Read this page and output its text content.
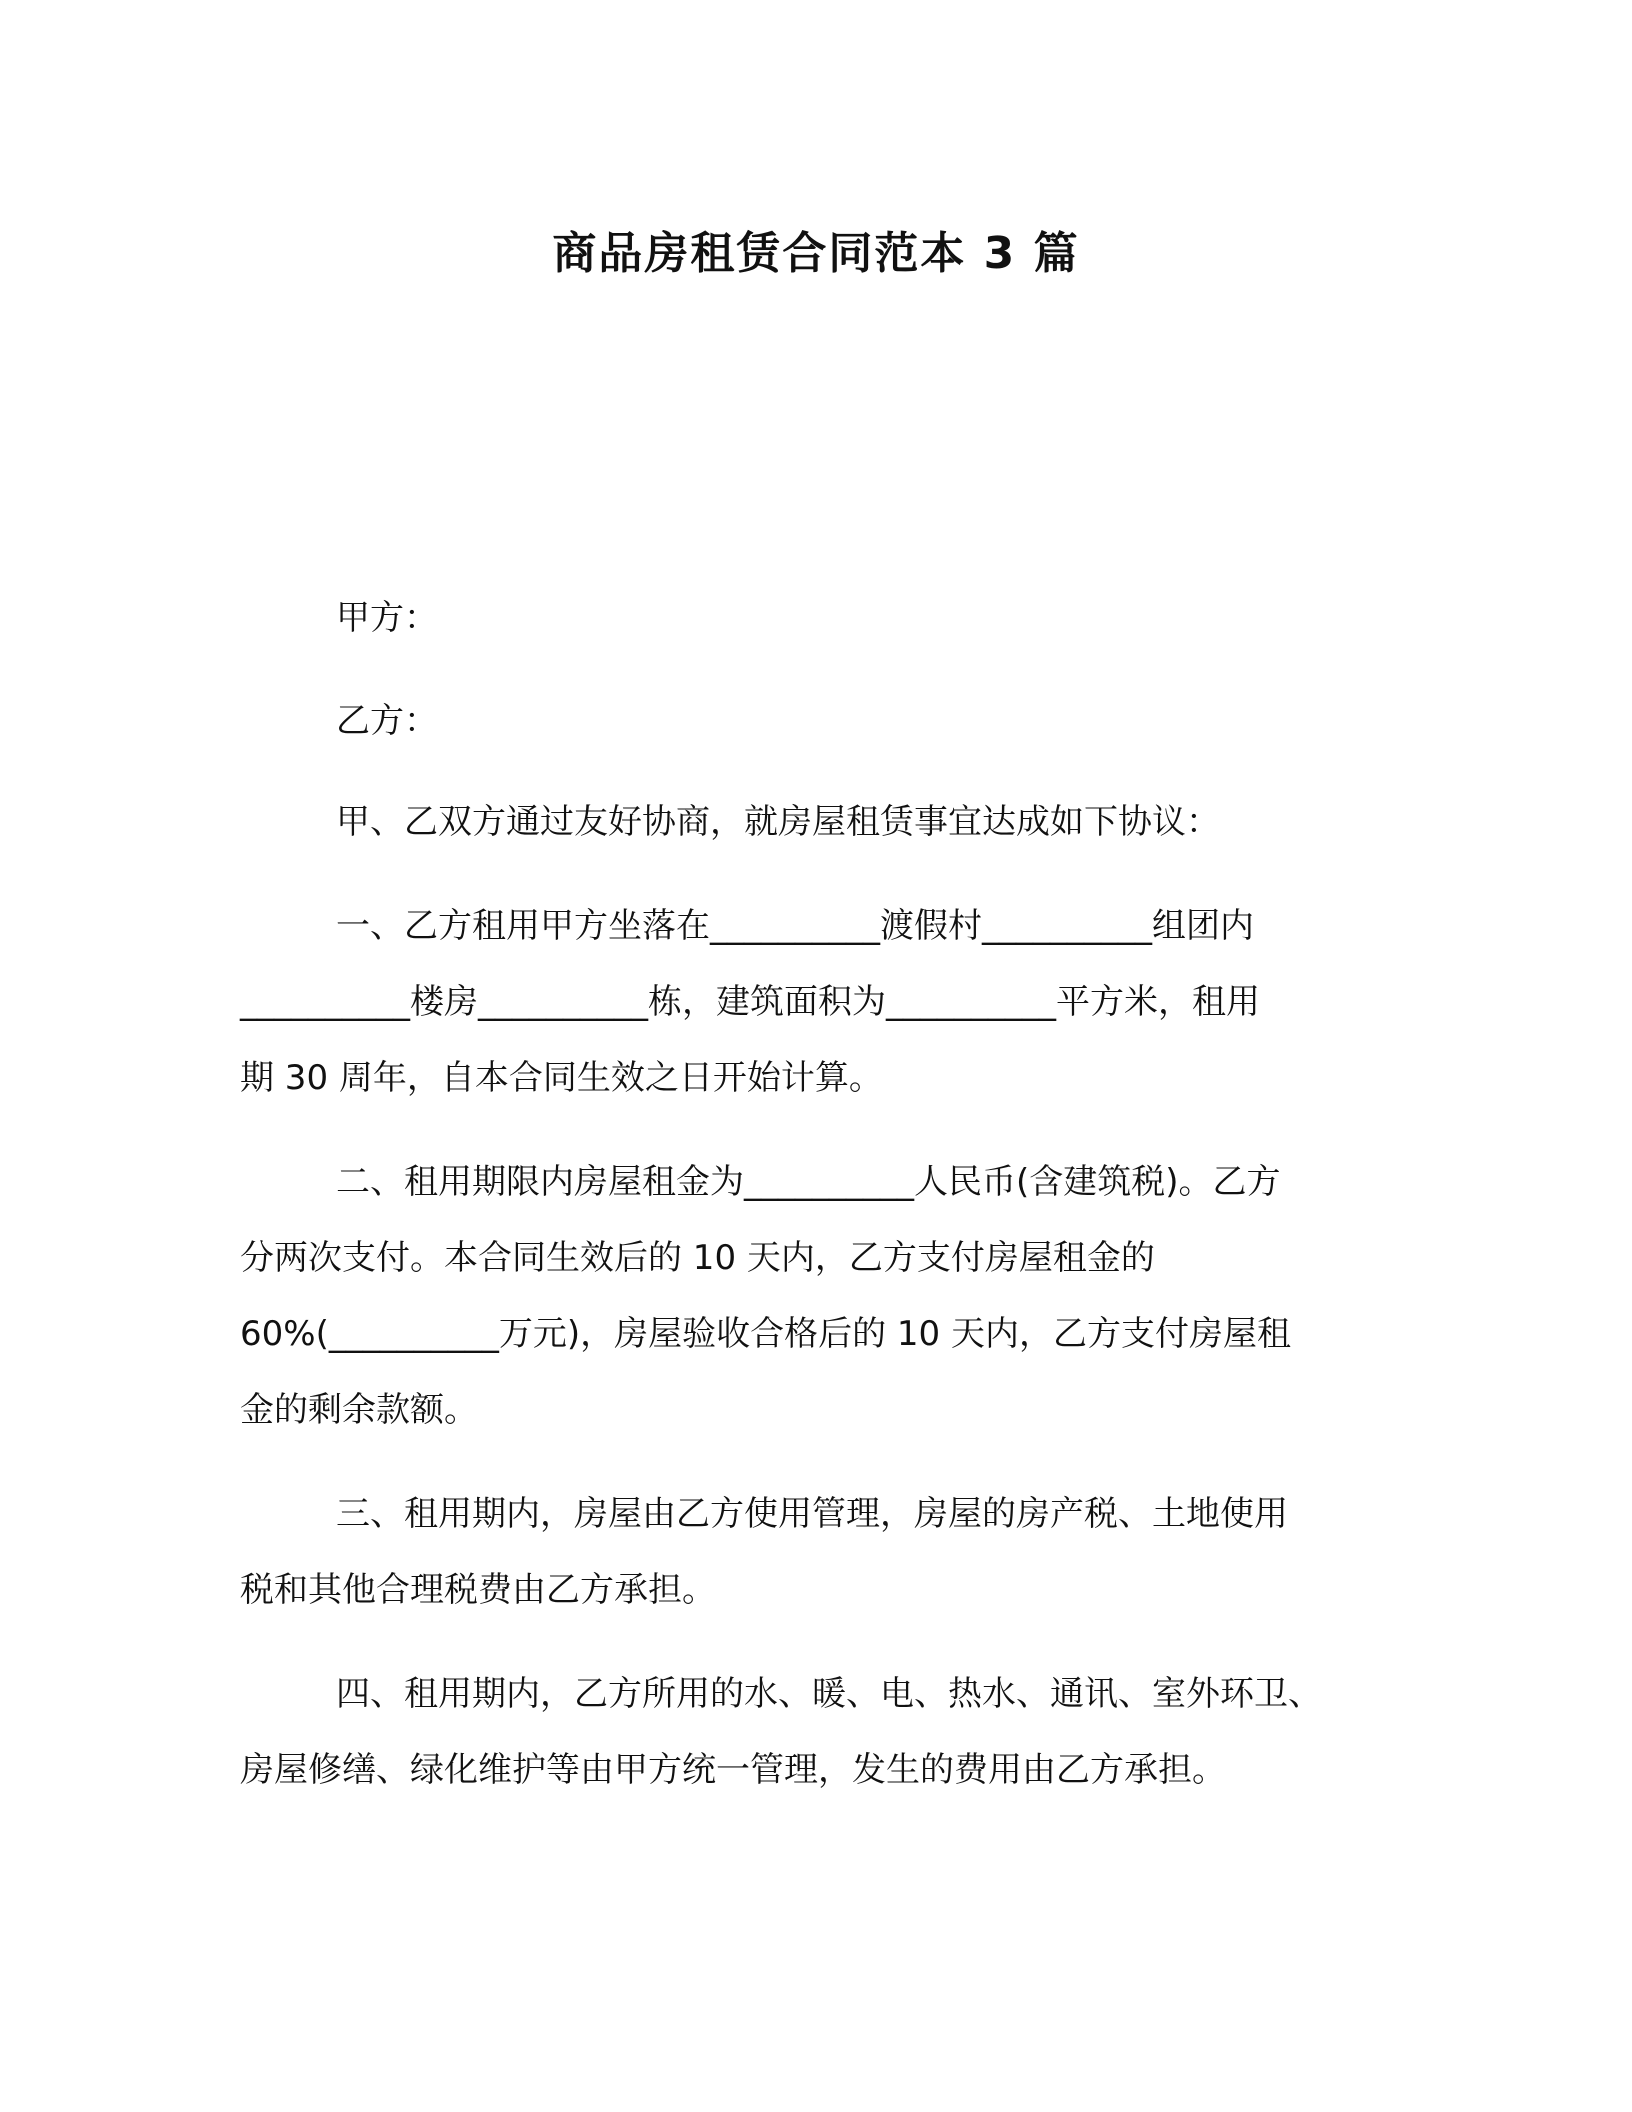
商品房租赁合同范本 3 篇
甲方：
乙方：
甲、乙双方通过友好协商，就房屋租赁事宜达成如下协议：
一、乙方租用甲方坐落在__________渡假村__________组团内
__________楼房__________栋，建筑面积为__________平方米，租用
期 30 周年，自本合同生效之日开始计算。
二、租用期限内房屋租金为__________人民币(含建筑税)。乙方
分两次支付。本合同生效后的 10 天内，乙方支付房屋租金的
60%(__________万元)，房屋验收合格后的 10 天内，乙方支付房屋租
金的剩余款额。
三、租用期内，房屋由乙方使用管理，房屋的房产税、土地使用
税和其他合理税费由乙方承担。
四、租用期内，乙方所用的水、暖、电、热水、通讯、室外环卫、
房屋修缮、绿化维护等由甲方统一管理，发生的费用由乙方承担。
